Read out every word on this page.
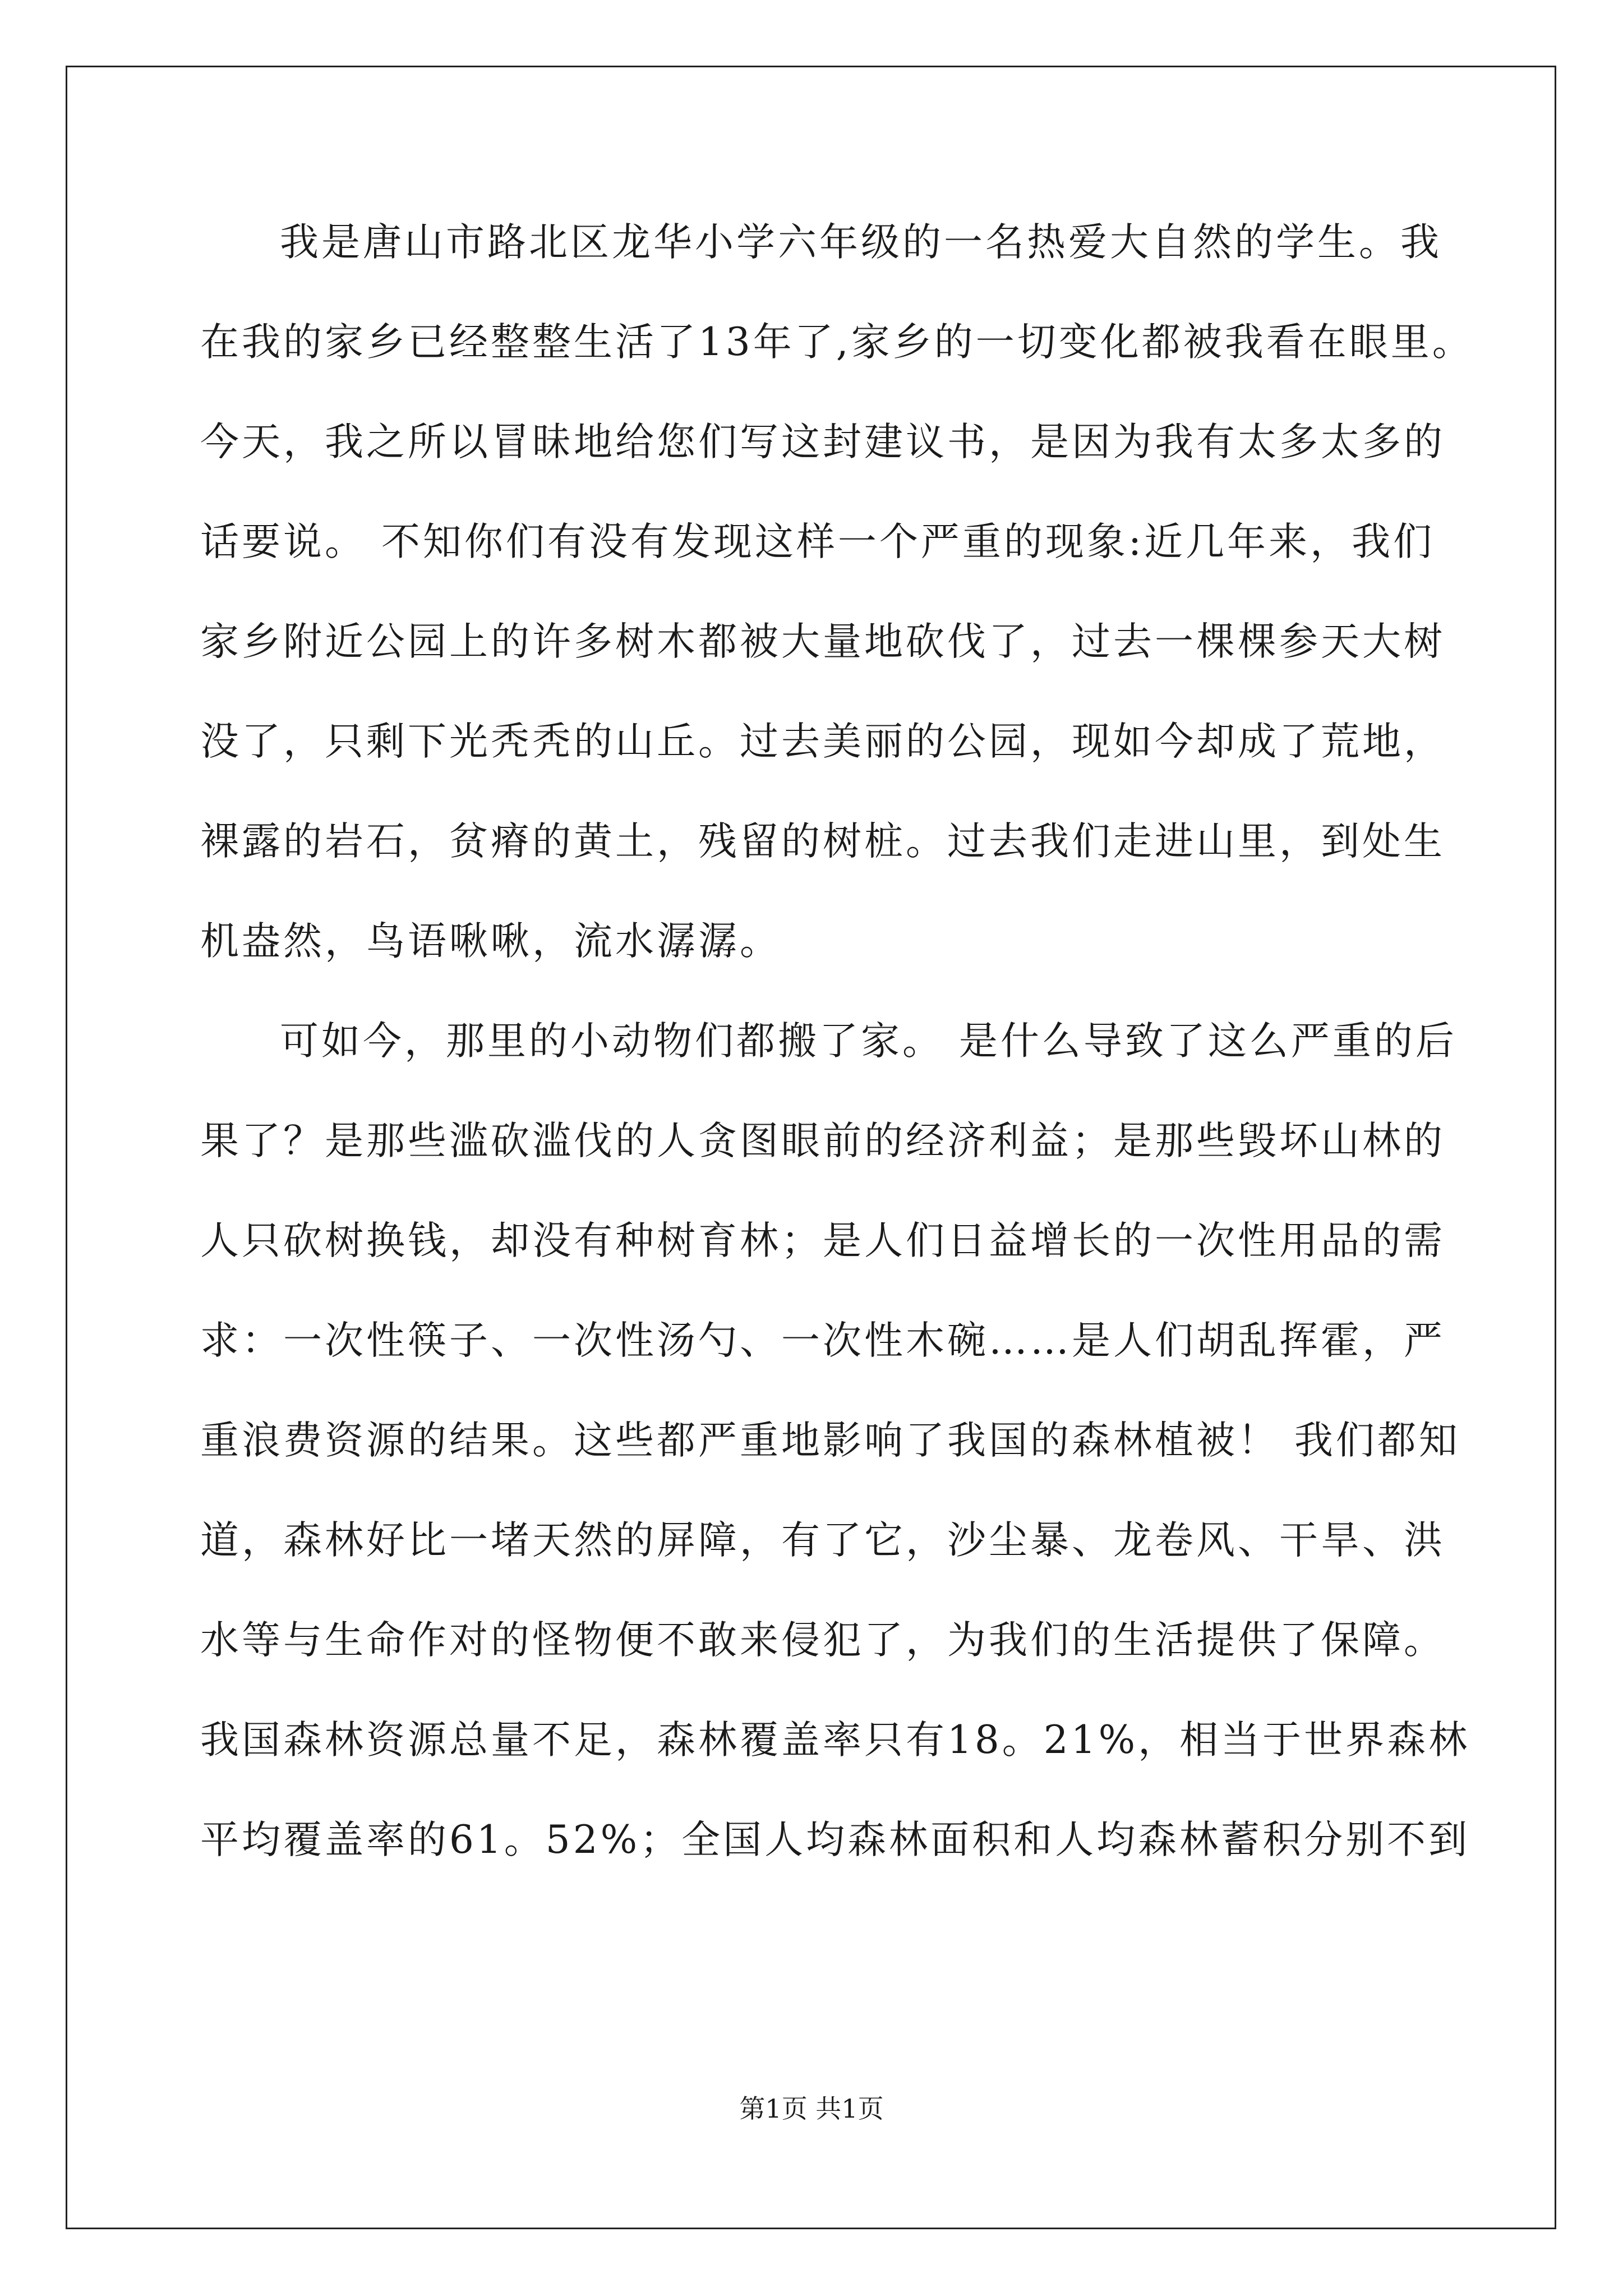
我是唐山市路北区龙华小学六年级的一名热爱大自然的学生。我
在我的家乡已经整整生活了13年了,家乡的一切变化都被我看在眼里。
今天，我之所以冒昧地给您们写这封建议书，是因为我有太多太多的
话要说。 不知你们有没有发现这样一个严重的现象:近几年来，我们
家乡附近公园上的许多树木都被大量地砍伐了，过去一棵棵参天大树
没了，只剩下光秃秃的山丘。过去美丽的公园，现如今却成了荒地，
裸露的岩石，贫瘠的黄土，残留的树桩。过去我们走进山里，到处生
机盎然，鸟语啾啾，流水潺潺。
可如今，那里的小动物们都搬了家。 是什么导致了这么严重的后
果了？是那些滥砍滥伐的人贪图眼前的经济利益；是那些毁坏山林的
人只砍树换钱，却没有种树育林；是人们日益增长的一次性用品的需
求：一次性筷子、一次性汤勺、一次性木碗……是人们胡乱挥霍，严
重浪费资源的结果。这些都严重地影响了我国的森林植被！ 我们都知
道，森林好比一堵天然的屏障，有了它，沙尘暴、龙卷风、干旱、洪
水等与生命作对的怪物便不敢来侵犯了，为我们的生活提供了保障。
我国森林资源总量不足，森林覆盖率只有18。21%，相当于世界森林
平均覆盖率的61。52%；全国人均森林面积和人均森林蓄积分别不到
第1页 共1页
